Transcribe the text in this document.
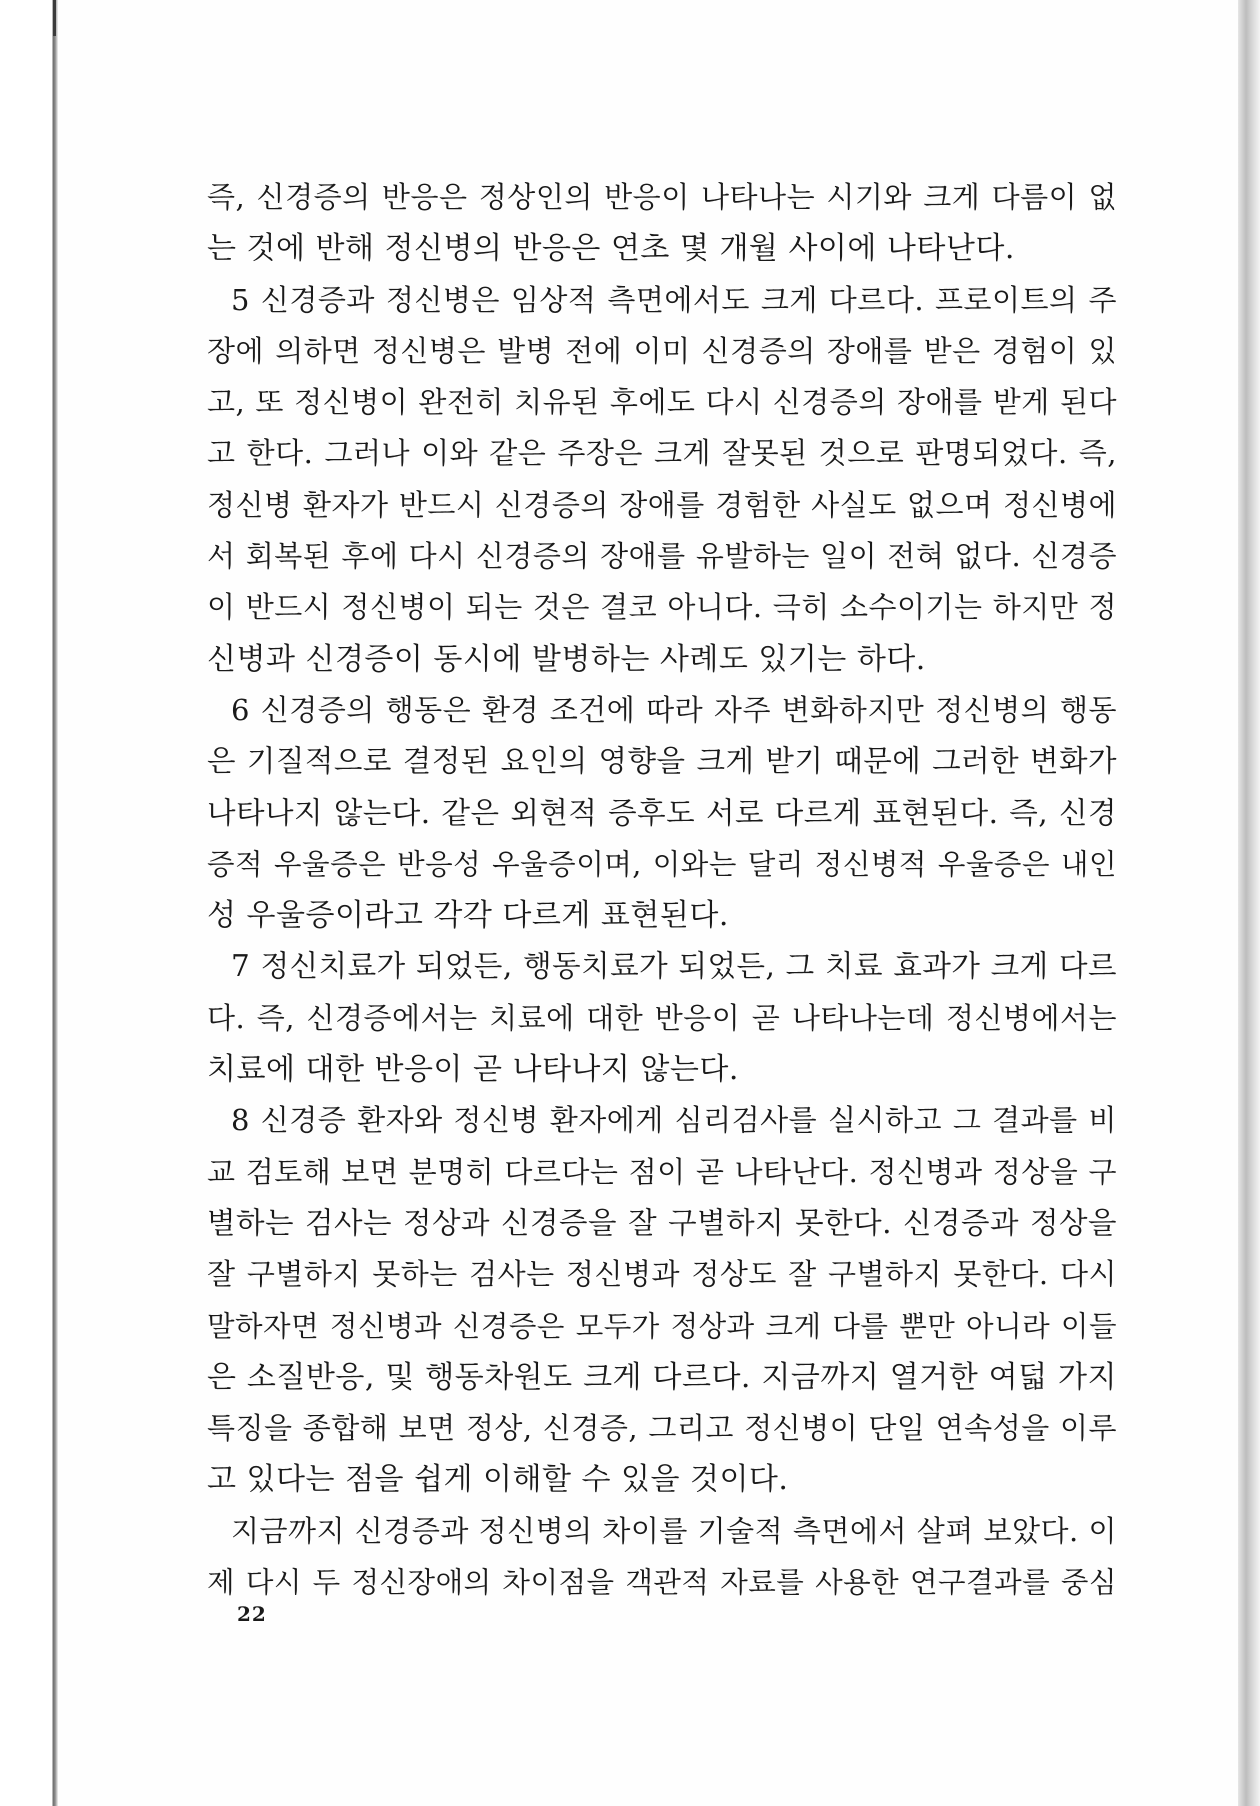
즉, 신경증의 반응은 정상인의 반응이 나타나는 시기와 크게 다름이 없
는 것에 반해 정신병의 반응은 연초 몇 개월 사이에 나타난다.
5 신경증과 정신병은 임상적 측면에서도 크게 다르다. 프로이트의 주
장에 의하면 정신병은 발병 전에 이미 신경증의 장애를 받은 경험이 있
고, 또 정신병이 완전히 치유된 후에도 다시 신경증의 장애를 받게 된다
고 한다. 그러나 이와 같은 주장은 크게 잘못된 것으로 판명되었다. 즉,
정신병 환자가 반드시 신경증의 장애를 경험한 사실도 없으며 정신병에
서 회복된 후에 다시 신경증의 장애를 유발하는 일이 전혀 없다. 신경증
이 반드시 정신병이 되는 것은 결코 아니다. 극히 소수이기는 하지만 정
신병과 신경증이 동시에 발병하는 사례도 있기는 하다.
6 신경증의 행동은 환경 조건에 따라 자주 변화하지만 정신병의 행동
은 기질적으로 결정된 요인의 영향을 크게 받기 때문에 그러한 변화가
나타나지 않는다. 같은 외현적 증후도 서로 다르게 표현된다. 즉, 신경
증적 우울증은 반응성 우울증이며, 이와는 달리 정신병적 우울증은 내인
성 우울증이라고 각각 다르게 표현된다.
7 정신치료가 되었든, 행동치료가 되었든, 그 치료 효과가 크게 다르
다. 즉, 신경증에서는 치료에 대한 반응이 곧 나타나는데 정신병에서는
치료에 대한 반응이 곧 나타나지 않는다.
8 신경증 환자와 정신병 환자에게 심리검사를 실시하고 그 결과를 비
교 검토해 보면 분명히 다르다는 점이 곧 나타난다. 정신병과 정상을 구
별하는 검사는 정상과 신경증을 잘 구별하지 못한다. 신경증과 정상을
잘 구별하지 못하는 검사는 정신병과 정상도 잘 구별하지 못한다. 다시
말하자면 정신병과 신경증은 모두가 정상과 크게 다를 뿐만 아니라 이들
은 소질반응, 및 행동차원도 크게 다르다. 지금까지 열거한 여덟 가지
특징을 종합해 보면 정상, 신경증, 그리고 정신병이 단일 연속성을 이루
고 있다는 점을 쉽게 이해할 수 있을 것이다.
지금까지 신경증과 정신병의 차이를 기술적 측면에서 살펴 보았다. 이
제 다시 두 정신장애의 차이점을 객관적 자료를 사용한 연구결과를 중심
22
